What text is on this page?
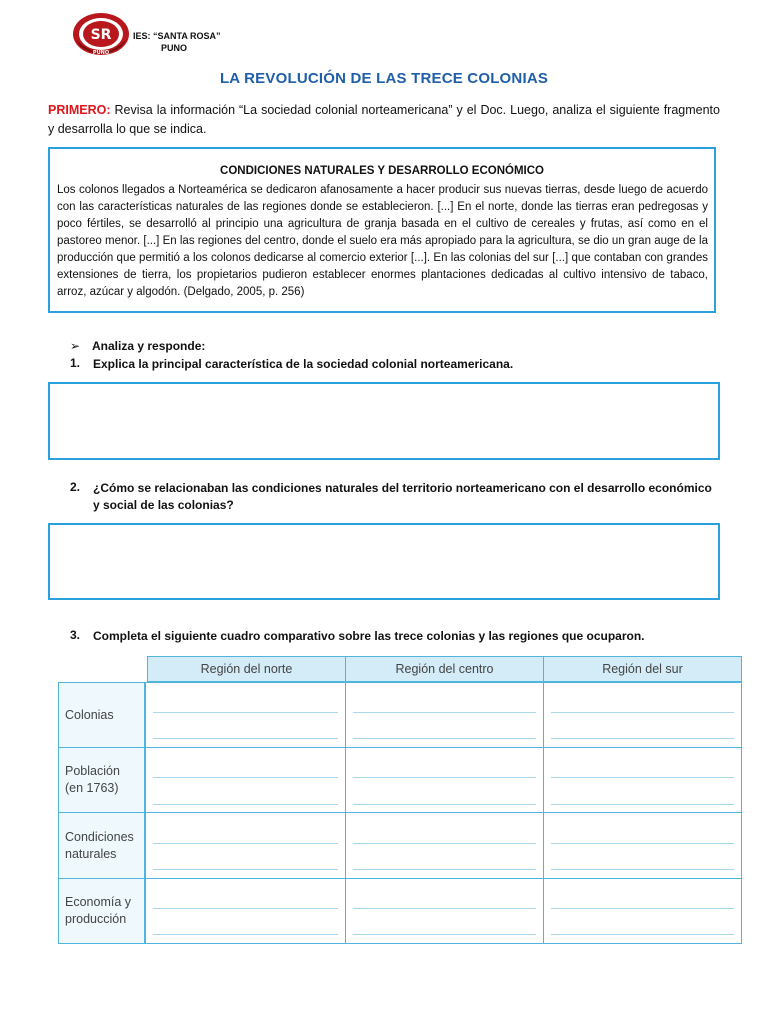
SR
PUNO
IES: “SANTA ROSA”
PUNO
LA REVOLUCIÓN DE LAS TRECE COLONIAS
PRIMERO: Revisa la información “La sociedad colonial norteamericana” y el Doc. Luego, analiza el siguiente fragmento y desarrolla lo que se indica.
CONDICIONES NATURALES Y DESARROLLO ECONÓMICO
Los colonos llegados a Norteamérica se dedicaron afanosamente a hacer producir sus nuevas tierras, desde luego de acuerdo con las características naturales de las regiones donde se establecieron. [...] En el norte, donde las tierras eran pedregosas y poco fértiles, se desarrolló al principio una agricultura de granja basada en el cultivo de cereales y frutas, así como en el pastoreo menor. [...] En las regiones del centro, donde el suelo era más apropiado para la agricultura, se dio un gran auge de la producción que permitió a los colonos dedicarse al comercio exterior [...]. En las colonias del sur [...] que contaban con grandes extensiones de tierra, los propietarios pudieron establecer enormes plantaciones dedicadas al cultivo intensivo de tabaco, arroz, azúcar y algodón. (Delgado, 2005, p. 256)
➢ Analiza y responde:
1. Explica la principal característica de la sociedad colonial norteamericana.
2. ¿Cómo se relacionaban las condiciones naturales del territorio norteamericano con el desarrollo económico y social de las colonias?
3. Completa el siguiente cuadro comparativo sobre las trece colonias y las regiones que ocuparon.
Región del norte	Región del centro	Región del sur
Colonias
Población (en 1763)
Condiciones naturales
Economía y producción
